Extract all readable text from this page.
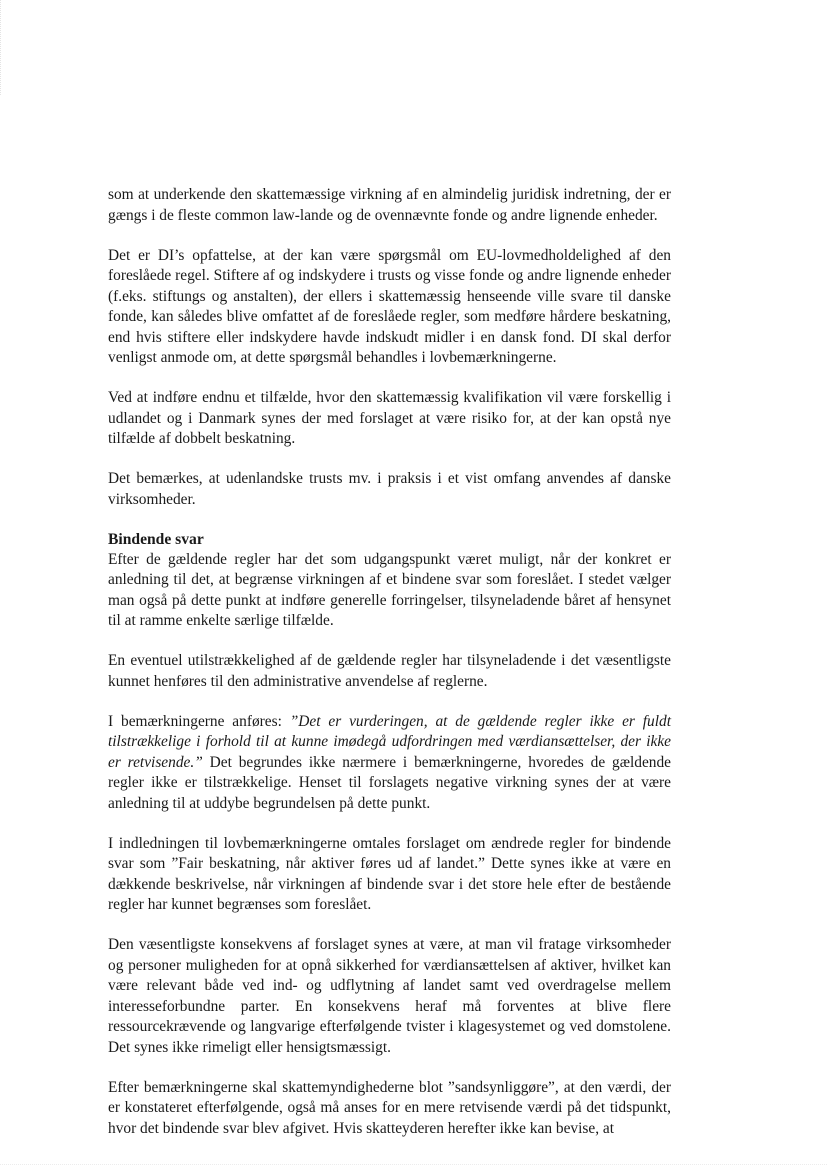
som at underkende den skattemæssige virkning af en almindelig juridisk indretning, der er gængs i de fleste common law-lande og de ovennævnte fonde og andre lignende enheder.

Det er DI’s opfattelse, at der kan være spørgsmål om EU-lovmedholdelighed af den foreslåede regel. Stiftere af og indskydere i trusts og visse fonde og andre lignende enheder (f.eks. stiftungs og anstalten), der ellers i skattemæssig henseende ville svare til danske fonde, kan således blive omfattet af de foreslåede regler, som medføre hårdere beskatning, end hvis stiftere eller indskydere havde indskudt midler i en dansk fond. DI skal derfor venligst anmode om, at dette spørgsmål behandles i lovbemærkningerne.

Ved at indføre endnu et tilfælde, hvor den skattemæssig kvalifikation vil være forskellig i udlandet og i Danmark synes der med forslaget at være risiko for, at der kan opstå nye tilfælde af dobbelt beskatning.

Det bemærkes, at udenlandske trusts mv. i praksis i et vist omfang anvendes af danske virksomheder.

Bindende svar

Efter de gældende regler har det som udgangspunkt været muligt, når der konkret er anledning til det, at begrænse virkningen af et bindene svar som foreslået. I stedet vælger man også på dette punkt at indføre generelle forringelser, tilsyneladende båret af hensynet til at ramme enkelte særlige tilfælde.

En eventuel utilstrækkelighed af de gældende regler har tilsyneladende i det væsentligste kunnet henføres til den administrative anvendelse af reglerne.

I bemærkningerne anføres: ”Det er vurderingen, at de gældende regler ikke er fuldt tilstrækkelige i forhold til at kunne imødegå udfordringen med værdiansættelser, der ikke er retvisende.” Det begrundes ikke nærmere i bemærkningerne, hvoredes de gældende regler ikke er tilstrækkelige. Henset til forslagets negative virkning synes der at være anledning til at uddybe begrundelsen på dette punkt.

I indledningen til lovbemærkningerne omtales forslaget om ændrede regler for bindende svar som ”Fair beskatning, når aktiver føres ud af landet.” Dette synes ikke at være en dækkende beskrivelse, når virkningen af bindende svar i det store hele efter de bestående regler har kunnet begrænses som foreslået.

Den væsentligste konsekvens af forslaget synes at være, at man vil fratage virksomheder og personer muligheden for at opnå sikkerhed for værdiansættelsen af aktiver, hvilket kan være relevant både ved ind- og udflytning af landet samt ved overdragelse mellem interesseforbundne parter. En konsekvens heraf må forventes at blive flere ressourcekrævende og langvarige efterfølgende tvister i klagesystemet og ved domstolene. Det synes ikke rimeligt eller hensigtsmæssigt.

Efter bemærkningerne skal skattemyndighederne blot ”sandsynliggøre”, at den værdi, der er konstateret efterfølgende, også må anses for en mere retvisende værdi på det tidspunkt, hvor det bindende svar blev afgivet. Hvis skatteyderen herefter ikke kan bevise, at
